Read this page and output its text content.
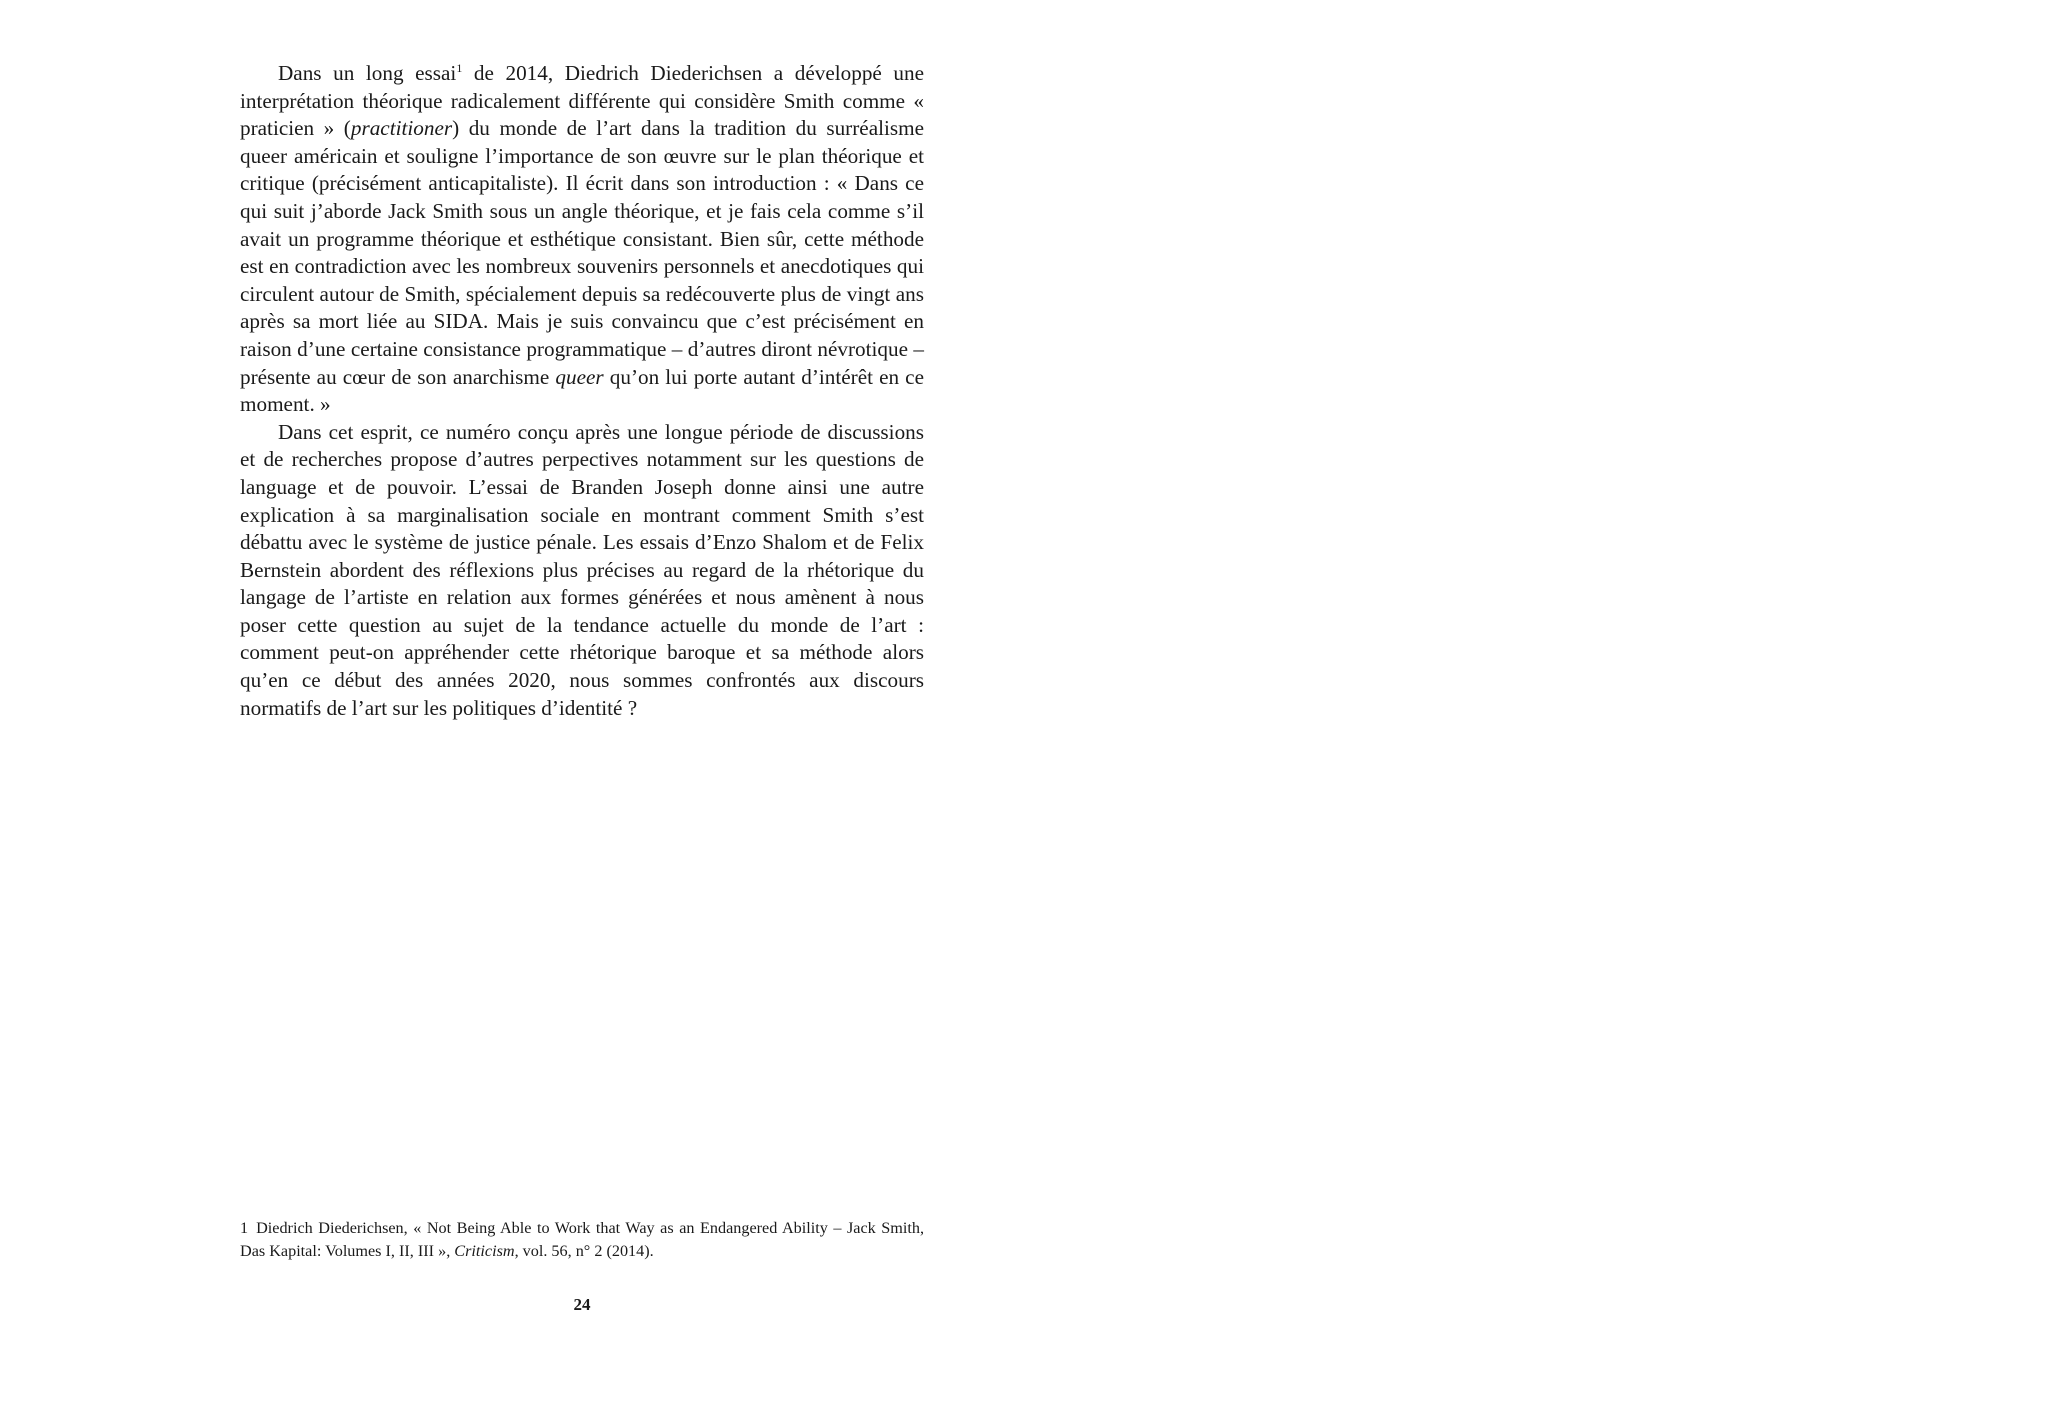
Dans un long essai$^1$ de 2014, Diedrich Diederichsen a développé une interprétation théorique radicalement différente qui considère Smith comme « praticien » (practitioner) du monde de l’art dans la tradition du surréalisme queer américain et souligne l’importance de son œuvre sur le plan théorique et critique (précisément anticapitaliste). Il écrit dans son introduction : « Dans ce qui suit j’aborde Jack Smith sous un angle théorique, et je fais cela comme s’il avait un programme théorique et esthétique consistant. Bien sûr, cette méthode est en contradiction avec les nombreux souvenirs personnels et anecdotiques qui circulent autour de Smith, spécialement depuis sa redécouverte plus de vingt ans après sa mort liée au SIDA. Mais je suis convaincu que c’est précisément en raison d’une certaine consistance programmatique – d’autres diront névrotique – présente au cœur de son anarchisme queer qu’on lui porte autant d’intérêt en ce moment. »

Dans cet esprit, ce numéro conçu après une longue période de discussions et de recherches propose d’autres perpectives notamment sur les questions de language et de pouvoir. L’essai de Branden Joseph donne ainsi une autre explication à sa marginalisation sociale en montrant comment Smith s’est débattu avec le système de justice pénale. Les essais d’Enzo Shalom et de Felix Bernstein abordent des réflexions plus précises au regard de la rhétorique du langage de l’artiste en relation aux formes générées et nous amènent à nous poser cette question au sujet de la tendance actuelle du monde de l’art : comment peut-on appréhender cette rhétorique baroque et sa méthode alors qu’en ce début des années 2020, nous sommes confrontés aux discours normatifs de l’art sur les politiques d’identité ?

1 Diedrich Diederichsen, « Not Being Able to Work that Way as an Endangered Ability – Jack Smith, Das Kapital: Volumes I, II, III », Criticism, vol. 56, n° 2 (2014).
24
